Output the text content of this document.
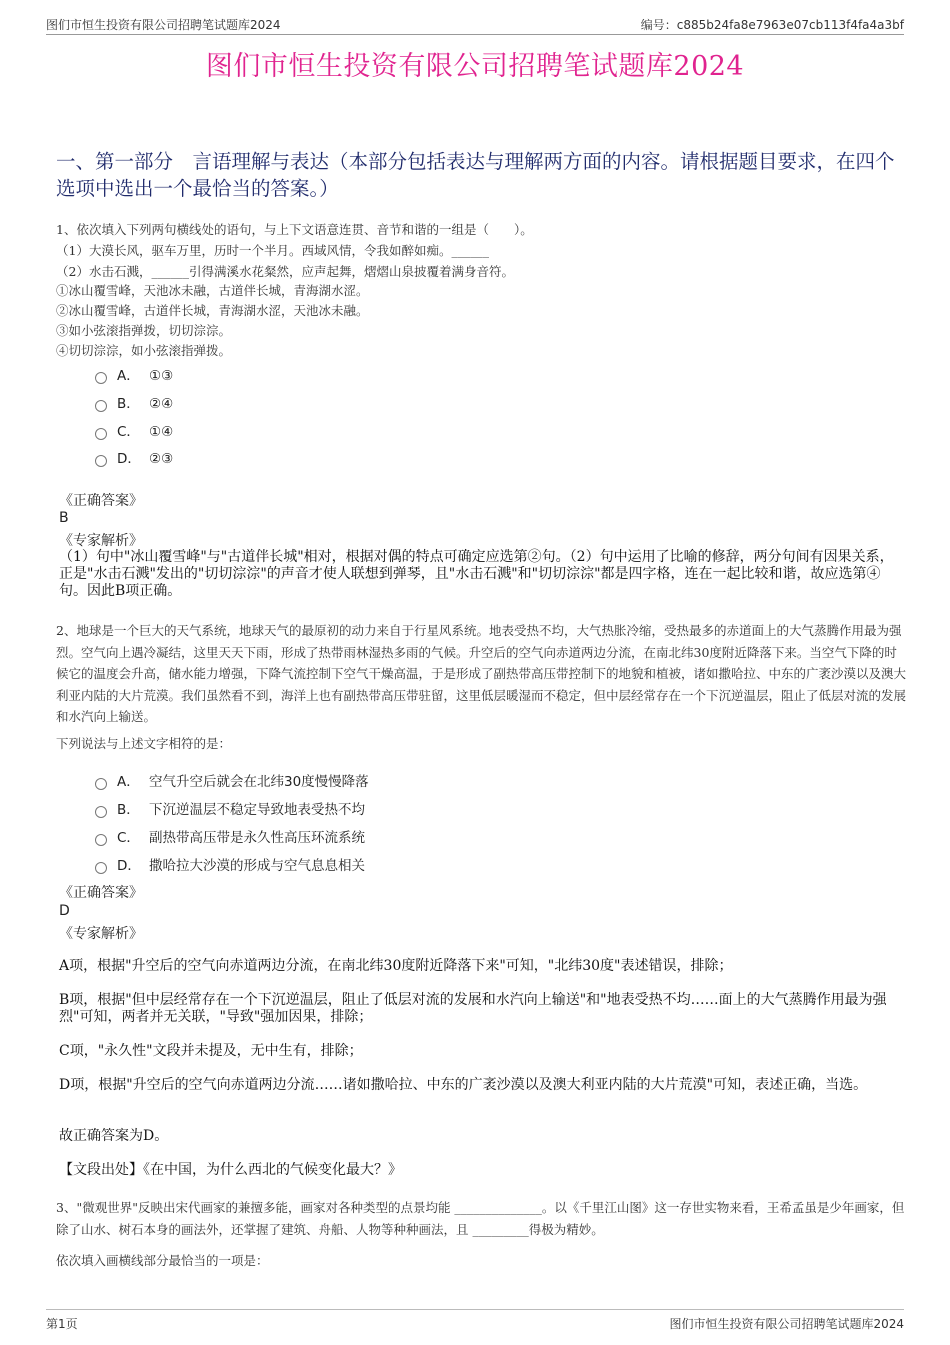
图们市恒生投资有限公司招聘笔试题库2024	编号：c885b24fa8e7963e07cb113f4fa4a3bf
图们市恒生投资有限公司招聘笔试题库2024
一、第一部分　言语理解与表达（本部分包括表达与理解两方面的内容。请根据题目要求，在四个选项中选出一个最恰当的答案。）
1、依次填入下列两句横线处的语句，与上下文语意连贯、音节和谐的一组是（　　）。
（1）大漠长风，驱车万里，历时一个半月。西域风情，令我如醉如痴。______
（2）水击石溅，______引得满溪水花粲然，应声起舞，熠熠山泉披覆着满身音符。
①冰山覆雪峰，天池冰未融，古道伴长城，青海湖水涩。
②冰山覆雪峰，古道伴长城，青海湖水涩，天池冰未融。
③如小弦滚指弹拨，切切淙淙。
④切切淙淙，如小弦滚指弹拨。
A． ①③
B． ②④
C． ①④
D． ②③
《正确答案》
B
《专家解析》
（1）句中"冰山覆雪峰"与"古道伴长城"相对，根据对偶的特点可确定应选第②句。（2）句中运用了比喻的修辞，两分句间有因果关系，正是"水击石溅"发出的"切切淙淙"的声音才使人联想到弹琴，且"水击石溅"和"切切淙淙"都是四字格，连在一起比较和谐，故应选第④句。因此B项正确。
2、地球是一个巨大的天气系统，地球天气的最原初的动力来自于行星风系统。地表受热不均，大气热胀冷缩，受热最多的赤道面上的大气蒸腾作用最为强烈。空气向上遇冷凝结，这里天天下雨，形成了热带雨林湿热多雨的气候。升空后的空气向赤道两边分流，在南北纬30度附近降落下来。当空气下降的时候它的温度会升高，储水能力增强，下降气流控制下空气干燥高温，于是形成了副热带高压带控制下的地貌和植被，诸如撒哈拉、中东的广袤沙漠以及澳大利亚内陆的大片荒漠。我们虽然看不到，海洋上也有副热带高压带驻留，这里低层暖湿而不稳定，但中层经常存在一个下沉逆温层，阻止了低层对流的发展和水汽向上输送。
下列说法与上述文字相符的是：
A． 空气升空后就会在北纬30度慢慢降落
B． 下沉逆温层不稳定导致地表受热不均
C． 副热带高压带是永久性高压环流系统
D． 撒哈拉大沙漠的形成与空气息息相关
《正确答案》
D
《专家解析》
A项，根据"升空后的空气向赤道两边分流，在南北纬30度附近降落下来"可知，"北纬30度"表述错误，排除；
B项，根据"但中层经常存在一个下沉逆温层，阻止了低层对流的发展和水汽向上输送"和"地表受热不均……面上的大气蒸腾作用最为强烈"可知，两者并无关联，"导致"强加因果，排除；
C项，"永久性"文段并未提及，无中生有，排除；
D项，根据"升空后的空气向赤道两边分流……诸如撒哈拉、中东的广袤沙漠以及澳大利亚内陆的大片荒漠"可知，表述正确，当选。
故正确答案为D。
【文段出处】《在中国，为什么西北的气候变化最大？》
3、"微观世界"反映出宋代画家的兼擅多能，画家对各种类型的点景均能 ______________。以《千里江山图》这一存世实物来看，王希孟虽是少年画家，但除了山水、树石本身的画法外，还掌握了建筑、舟船、人物等种种画法，且 _________得极为精妙。
依次填入画横线部分最恰当的一项是：
第1页	图们市恒生投资有限公司招聘笔试题库2024
